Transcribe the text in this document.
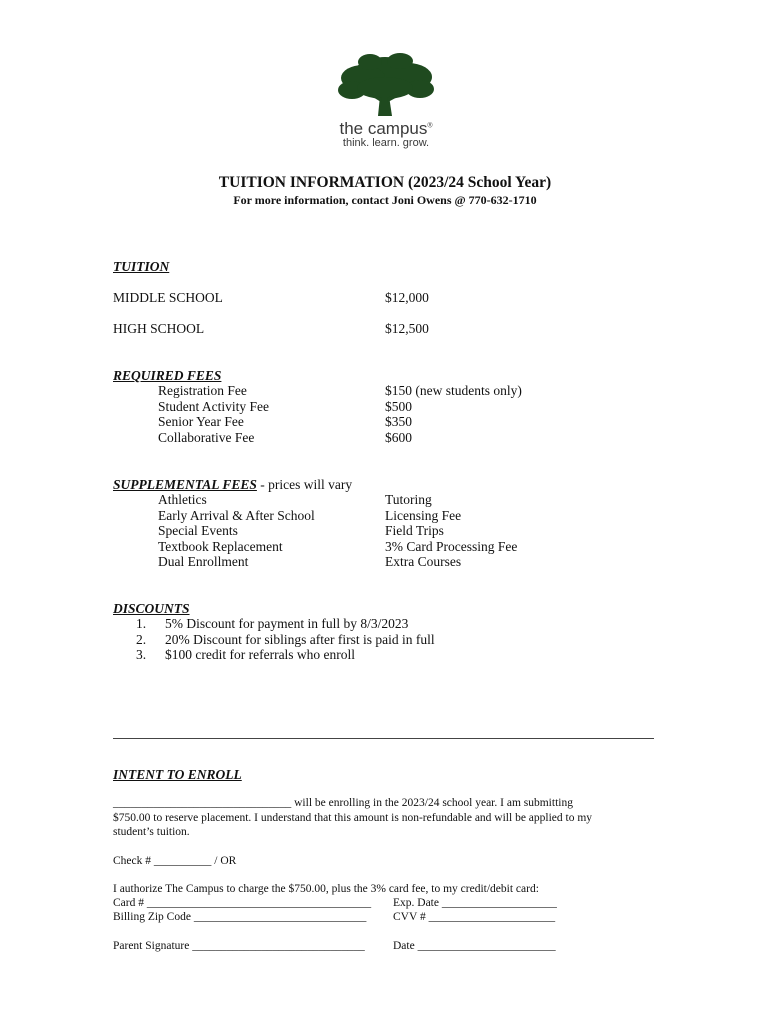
the campus®
think. learn. grow.
TUITION INFORMATION (2023/24 School Year)
For more information, contact Joni Owens @ 770-632-1710
TUITION
MIDDLE SCHOOL	$12,000
HIGH SCHOOL	$12,500
REQUIRED FEES
Registration Fee	$150 (new students only)
Student Activity Fee	$500
Senior Year Fee	$350
Collaborative Fee	$600
SUPPLEMENTAL FEES - prices will vary
Athletics	Tutoring
Early Arrival & After School	Licensing Fee
Special Events	Field Trips
Textbook Replacement	3% Card Processing Fee
Dual Enrollment	Extra Courses
DISCOUNTS
1. 5% Discount for payment in full by 8/3/2023
2. 20% Discount for siblings after first is paid in full
3. $100 credit for referrals who enroll
INTENT TO ENROLL
_______________________________ will be enrolling in the 2023/24 school year. I am submitting
$750.00 to reserve placement. I understand that this amount is non-refundable and will be applied to my
student’s tuition.
Check # __________ / OR
I authorize The Campus to charge the $750.00, plus the 3% card fee, to my credit/debit card:
Card # _______________________________________ Exp. Date ____________________
Billing Zip Code ______________________________ CVV # ______________________
Parent Signature ______________________________ Date ________________________
